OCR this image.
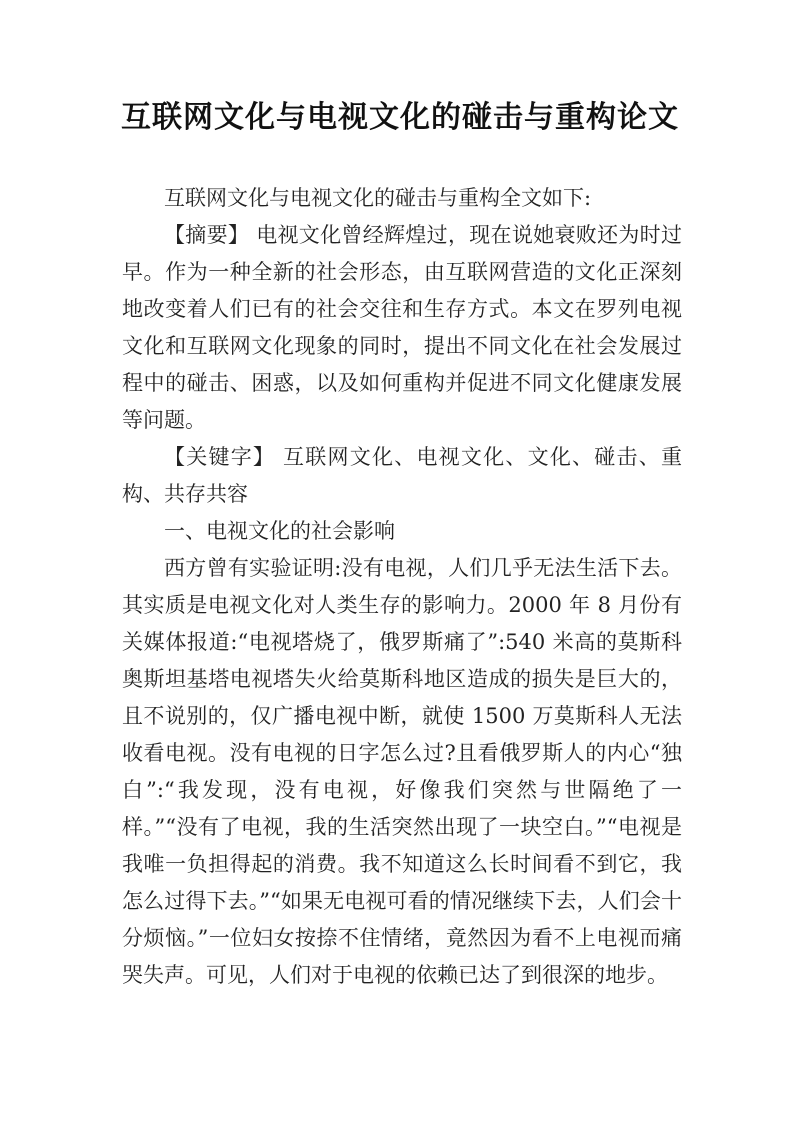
互联网文化与电视文化的碰击与重构论文

互联网文化与电视文化的碰击与重构全文如下:

【摘要】 电视文化曾经辉煌过，现在说她衰败还为时过早。作为一种全新的社会形态，由互联网营造的文化正深刻地改变着人们已有的社会交往和生存方式。本文在罗列电视文化和互联网文化现象的同时，提出不同文化在社会发展过程中的碰击、困惑，以及如何重构并促进不同文化健康发展等问题。

【关键字】 互联网文化、电视文化、文化、碰击、重构、共存共容

一、电视文化的社会影响

西方曾有实验证明:没有电视，人们几乎无法生活下去。其实质是电视文化对人类生存的影响力。2000 年 8 月份有关媒体报道:“电视塔烧了，俄罗斯痛了”:540 米高的莫斯科奥斯坦基塔电视塔失火给莫斯科地区造成的损失是巨大的，且不说别的，仅广播电视中断，就使 1500 万莫斯科人无法收看电视。没有电视的日字怎么过?且看俄罗斯人的内心“独白”:“我发现，没有电视，好像我们突然与世隔绝了一样。”“没有了电视，我的生活突然出现了一块空白。”“电视是我唯一负担得起的消费。我不知道这么长时间看不到它，我怎么过得下去。”“如果无电视可看的情况继续下去，人们会十分烦恼。”一位妇女按捺不住情绪，竟然因为看不上电视而痛哭失声。可见，人们对于电视的依赖已达了到很深的地步。
